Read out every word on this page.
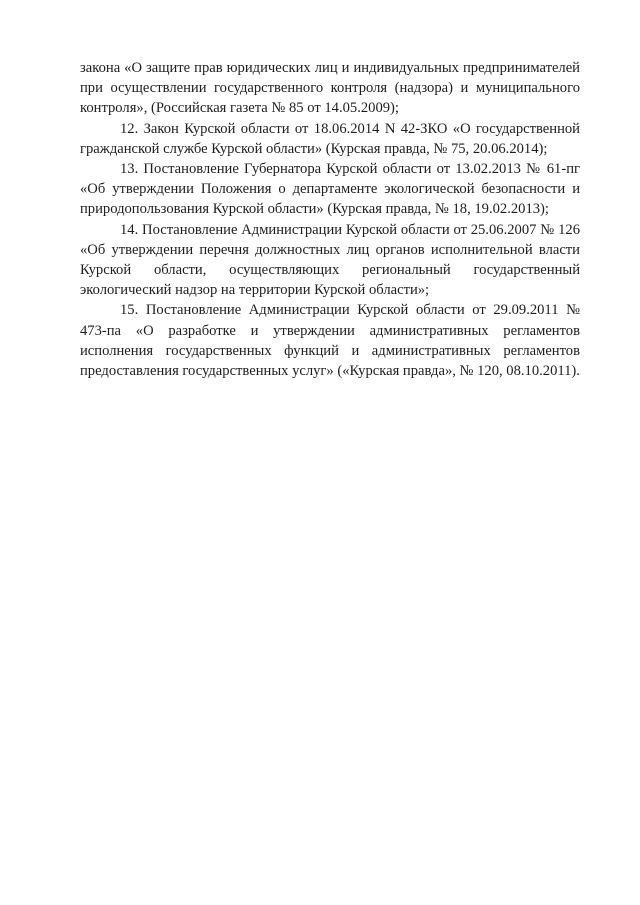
закона «О защите прав юридических лиц и индивидуальных предпринимателей при осуществлении государственного контроля (надзора) и муниципального контроля», (Российская газета № 85 от 14.05.2009);

12. Закон Курской области от 18.06.2014 N 42-ЗКО «О государственной гражданской службе Курской области» (Курская правда, № 75, 20.06.2014);

13. Постановление Губернатора Курской области от 13.02.2013 № 61-пг «Об утверждении Положения о департаменте экологической безопасности и природопользования Курской области» (Курская правда, № 18, 19.02.2013);

14. Постановление Администрации Курской области от 25.06.2007 № 126 «Об утверждении перечня должностных лиц органов исполнительной власти Курской области, осуществляющих региональный государственный экологический надзор на территории Курской области»;

15. Постановление Администрации Курской области от 29.09.2011 № 473-па «О разработке и утверждении административных регламентов исполнения государственных функций и административных регламентов предоставления государственных услуг» («Курская правда», № 120, 08.10.2011).
